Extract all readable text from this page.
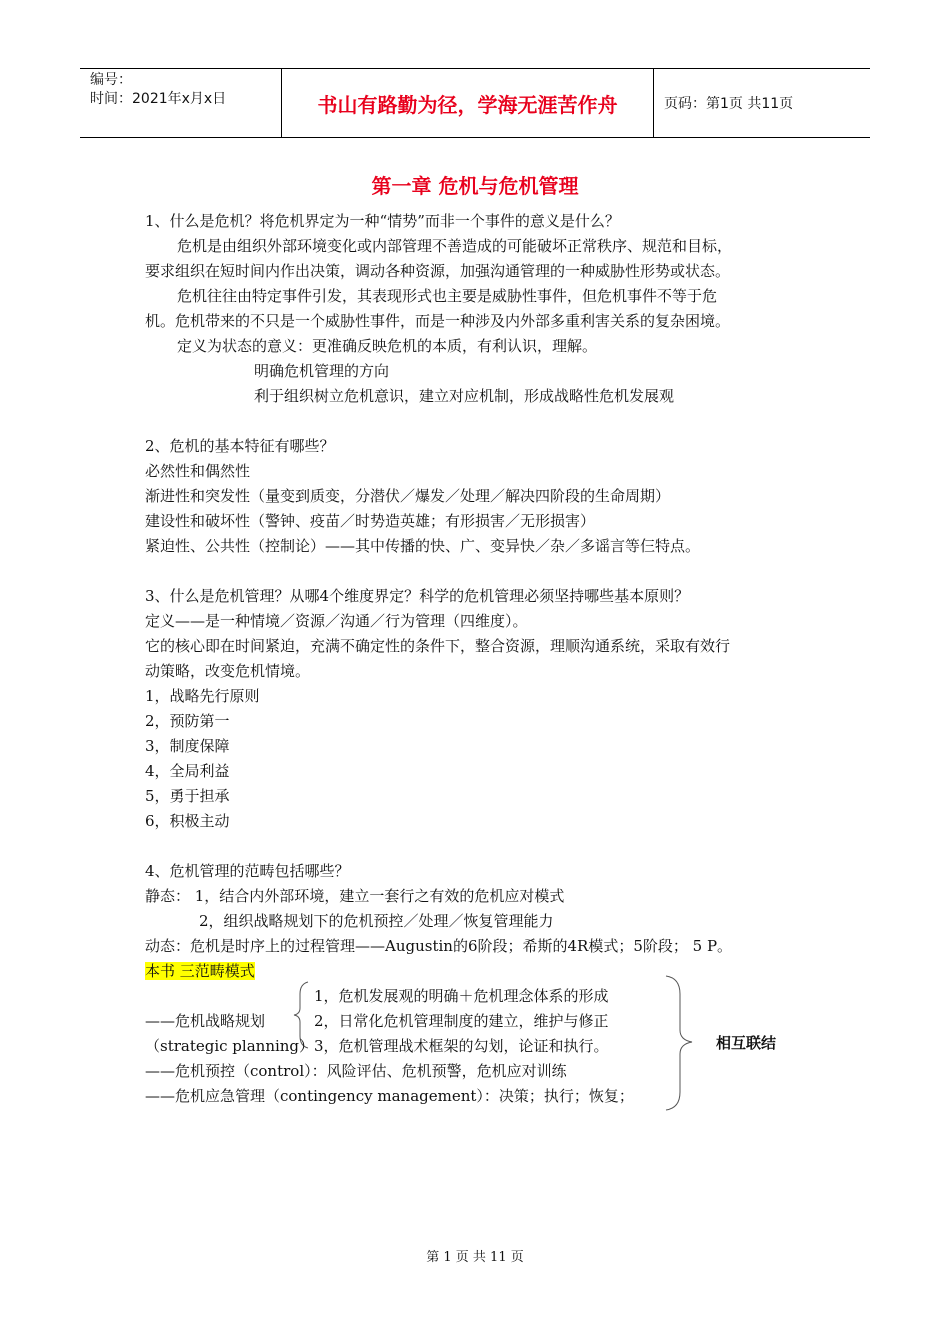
编号：
时间：2021年x月x日	书山有路勤为径，学海无涯苦作舟	页码：第1页 共11页
第一章 危机与危机管理
1、什么是危机？将危机界定为一种“情势”而非一个事件的意义是什么？
危机是由组织外部环境变化或内部管理不善造成的可能破坏正常秩序、规范和目标，
要求组织在短时间内作出决策，调动各种资源，加强沟通管理的一种威胁性形势或状态。
危机往往由特定事件引发，其表现形式也主要是威胁性事件，但危机事件不等于危
机。危机带来的不只是一个威胁性事件，而是一种涉及内外部多重利害关系的复杂困境。
定义为状态的意义：更准确反映危机的本质，有利认识，理解。
明确危机管理的方向
利于组织树立危机意识，建立对应机制，形成战略性危机发展观
2、危机的基本特征有哪些？
必然性和偶然性
渐进性和突发性（量变到质变，分潜伏／爆发／处理／解决四阶段的生命周期）
建设性和破坏性（警钟、疫苗／时势造英雄；有形损害／无形损害）
紧迫性、公共性（控制论）——其中传播的快、广、变异快／杂／多谣言等仨特点。
3、什么是危机管理？从哪4个维度界定？科学的危机管理必须坚持哪些基本原则？
定义——是一种情境／资源／沟通／行为管理（四维度）。
它的核心即在时间紧迫，充满不确定性的条件下，整合资源，理顺沟通系统，采取有效行
动策略，改变危机情境。
1，战略先行原则
2，预防第一
3，制度保障
4，全局利益
5，勇于担承
6，积极主动
4、危机管理的范畴包括哪些？
静态： 1，结合内外部环境，建立一套行之有效的危机应对模式
2，组织战略规划下的危机预控／处理／恢复管理能力
动态：危机是时序上的过程管理——Augustin的6阶段；希斯的4R模式；5阶段； 5 P。
本书 三范畴模式
1，危机发展观的明确＋危机理念体系的形成
——危机战略规划	2，日常化危机管理制度的建立，维护与修正
（strategic planning） 3，危机管理战术框架的勾划，论证和执行。
——危机预控（control）：风险评估、危机预警，危机应对训练
——危机应急管理（contingency management）：决策；执行；恢复；
相互联结
第 1 页 共 11 页
